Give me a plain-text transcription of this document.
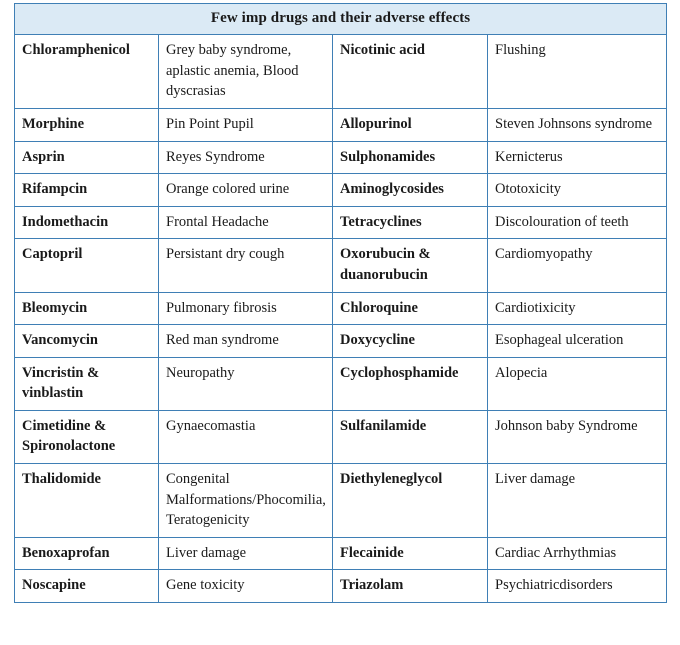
Few imp drugs and their adverse effects			
Chloramphenicol	Grey baby syndrome, aplastic anemia, Blood dyscrasias	Nicotinic acid	Flushing
Morphine	Pin Point Pupil	Allopurinol	Steven Johnsons syndrome
Asprin	Reyes Syndrome	Sulphonamides	Kernicterus
Rifampcin	Orange colored urine	Aminoglycosides	Ototoxicity
Indomethacin	Frontal Headache	Tetracyclines	Discolouration of teeth
Captopril	Persistant dry cough	Oxorubucin & duanorubucin	Cardiomyopathy
Bleomycin	Pulmonary fibrosis	Chloroquine	Cardiotixicity
Vancomycin	Red man syndrome	Doxycycline	Esophageal ulceration
Vincristin & vinblastin	Neuropathy	Cyclophosphamide	Alopecia
Cimetidine & Spironolactone	Gynaecomastia	Sulfanilamide	Johnson baby Syndrome
Thalidomide	Congenital Malformations/Phocomilia, Teratogenicity	Diethyleneglycol	Liver damage
Benoxaprofan	Liver damage	Flecainide	Cardiac Arrhythmias
Noscapine	Gene toxicity	Triazolam	Psychiatricdisorders
